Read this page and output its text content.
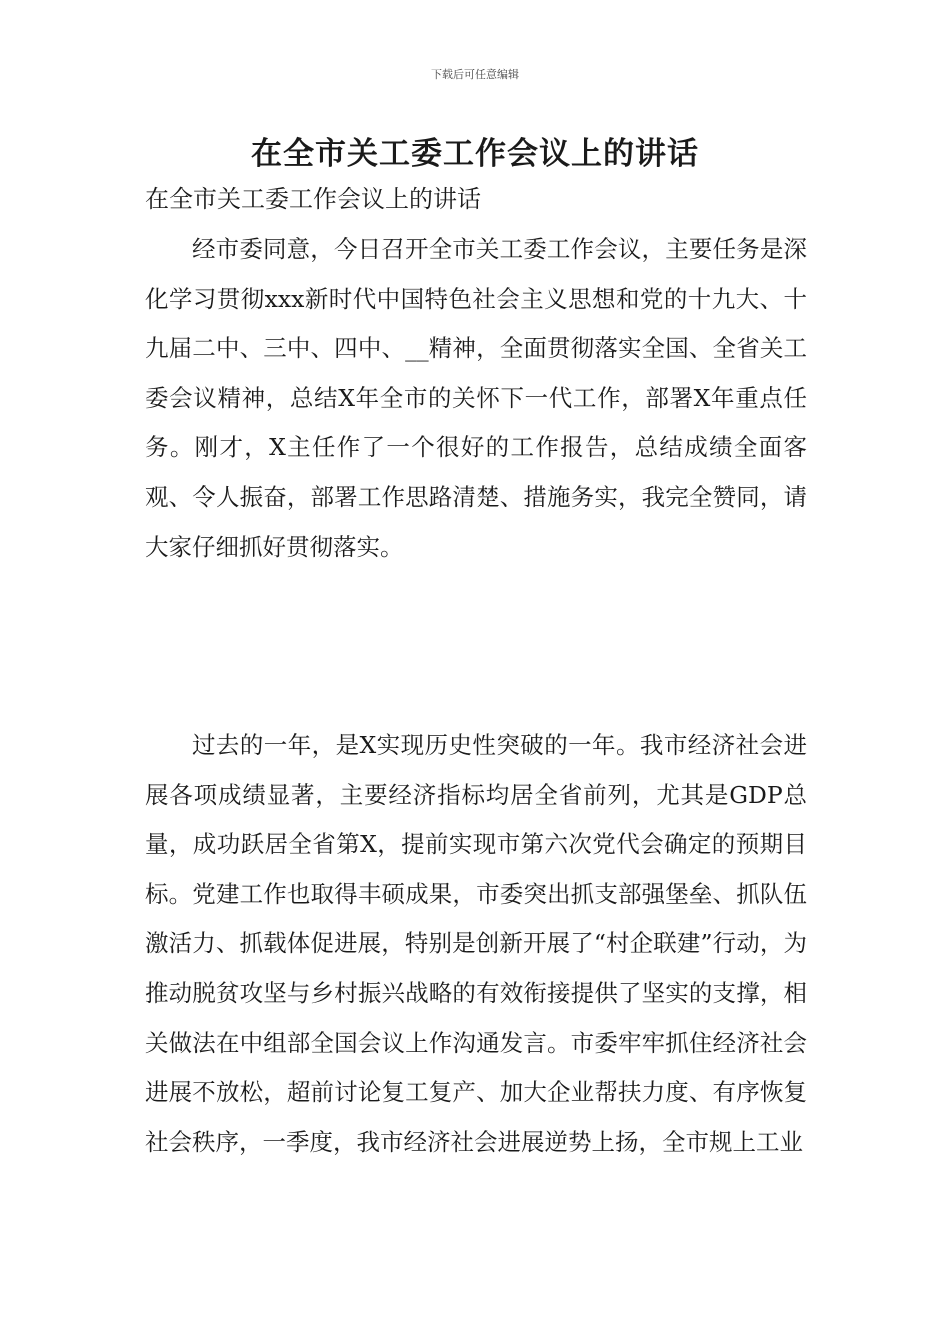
下载后可任意编辑
在全市关工委工作会议上的讲话

在全市关工委工作会议上的讲话

经市委同意，今日召开全市关工委工作会议，主要任务是深化学习贯彻xxx新时代中国特色社会主义思想和党的十九大、十九届二中、三中、四中、__精神，全面贯彻落实全国、全省关工委会议精神，总结X年全市的关怀下一代工作，部署X年重点任务。刚才，X主任作了一个很好的工作报告，总结成绩全面客观、令人振奋，部署工作思路清楚、措施务实，我完全赞同，请大家仔细抓好贯彻落实。

过去的一年，是X实现历史性突破的一年。我市经济社会进展各项成绩显著，主要经济指标均居全省前列，尤其是GDP总量，成功跃居全省第X，提前实现市第六次党代会确定的预期目标。党建工作也取得丰硕成果，市委突出抓支部强堡垒、抓队伍激活力、抓载体促进展，特别是创新开展了“村企联建”行动，为推动脱贫攻坚与乡村振兴战略的有效衔接提供了坚实的支撑，相关做法在中组部全国会议上作沟通发言。市委牢牢抓住经济社会进展不放松，超前讨论复工复产、加大企业帮扶力度、有序恢复社会秩序，一季度，我市经济社会进展逆势上扬，全市规上工业
